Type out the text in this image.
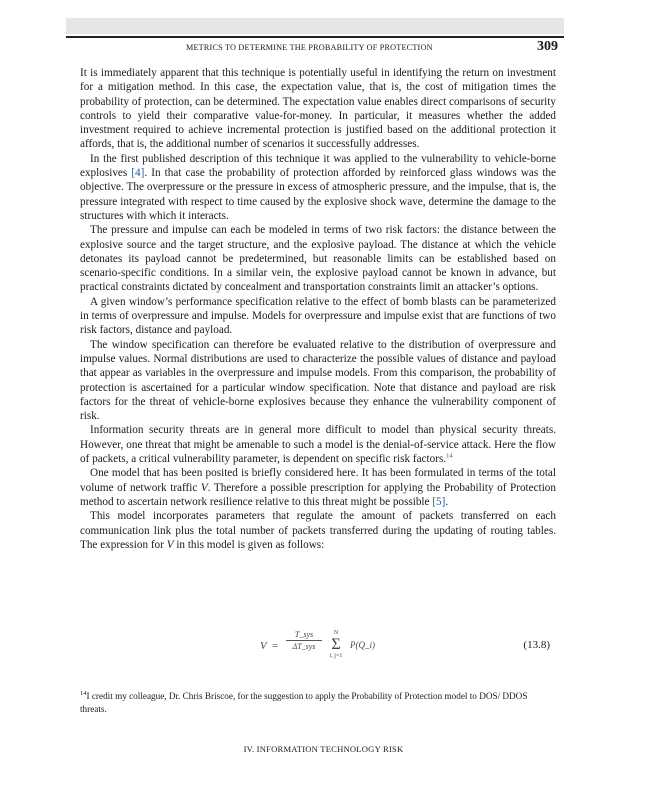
METRICS TO DETERMINE THE PROBABILITY OF PROTECTION	309

It is immediately apparent that this technique is potentially useful in identifying the return on investment for a mitigation method. In this case, the expectation value, that is, the cost of mitigation times the probability of protection, can be determined. The expectation value enables direct comparisons of security controls to yield their comparative value-for-money. In particular, it measures whether the added investment required to achieve incremental protection is justified based on the additional protection it affords, that is, the additional number of scenarios it successfully addresses.

In the first published description of this technique it was applied to the vulnerability to vehicle-borne explosives [4]. In that case the probability of protection afforded by reinforced glass windows was the objective. The overpressure or the pressure in excess of atmospheric pressure, and the impulse, that is, the pressure integrated with respect to time caused by the explosive shock wave, determine the damage to the structures with which it interacts.

The pressure and impulse can each be modeled in terms of two risk factors: the distance between the explosive source and the target structure, and the explosive payload. The distance at which the vehicle detonates its payload cannot be predetermined, but reasonable limits can be established based on scenario-specific conditions. In a similar vein, the explosive payload cannot be known in advance, but practical constraints dictated by concealment and transportation constraints limit an attacker’s options.

A given window’s performance specification relative to the effect of bomb blasts can be parameterized in terms of overpressure and impulse. Models for overpressure and impulse exist that are functions of two risk factors, distance and payload.

The window specification can therefore be evaluated relative to the distribution of overpressure and impulse values. Normal distributions are used to characterize the possible values of distance and payload that appear as variables in the overpressure and impulse models. From this comparison, the probability of protection is ascertained for a particular window specification. Note that distance and payload are risk factors for the threat of vehicle-borne explosives because they enhance the vulnerability component of risk.

Information security threats are in general more difficult to model than physical security threats. However, one threat that might be amenable to such a model is the denial-of-service attack. Here the flow of packets, a critical vulnerability parameter, is dependent on specific risk factors.$^{14}$

One model that has been posited is briefly considered here. It has been formulated in terms of the total volume of network traffic V. Therefore a possible prescription for applying the Probability of Protection method to ascertain network resilience relative to this threat might be possible [5].

This model incorporates parameters that regulate the amount of packets transferred on each communication link plus the total number of packets transferred during the updating of routing tables. The expression for V in this model is given as follows:

V =
T_sys
ΔT_sys
N
Σ
i, j=1
P(Q_i)	(13.8)
$^{14}$I credit my colleague, Dr. Chris Briscoe, for the suggestion to apply the Probability of Protection model to DOS/ DDOS threats.
IV. INFORMATION TECHNOLOGY RISK
